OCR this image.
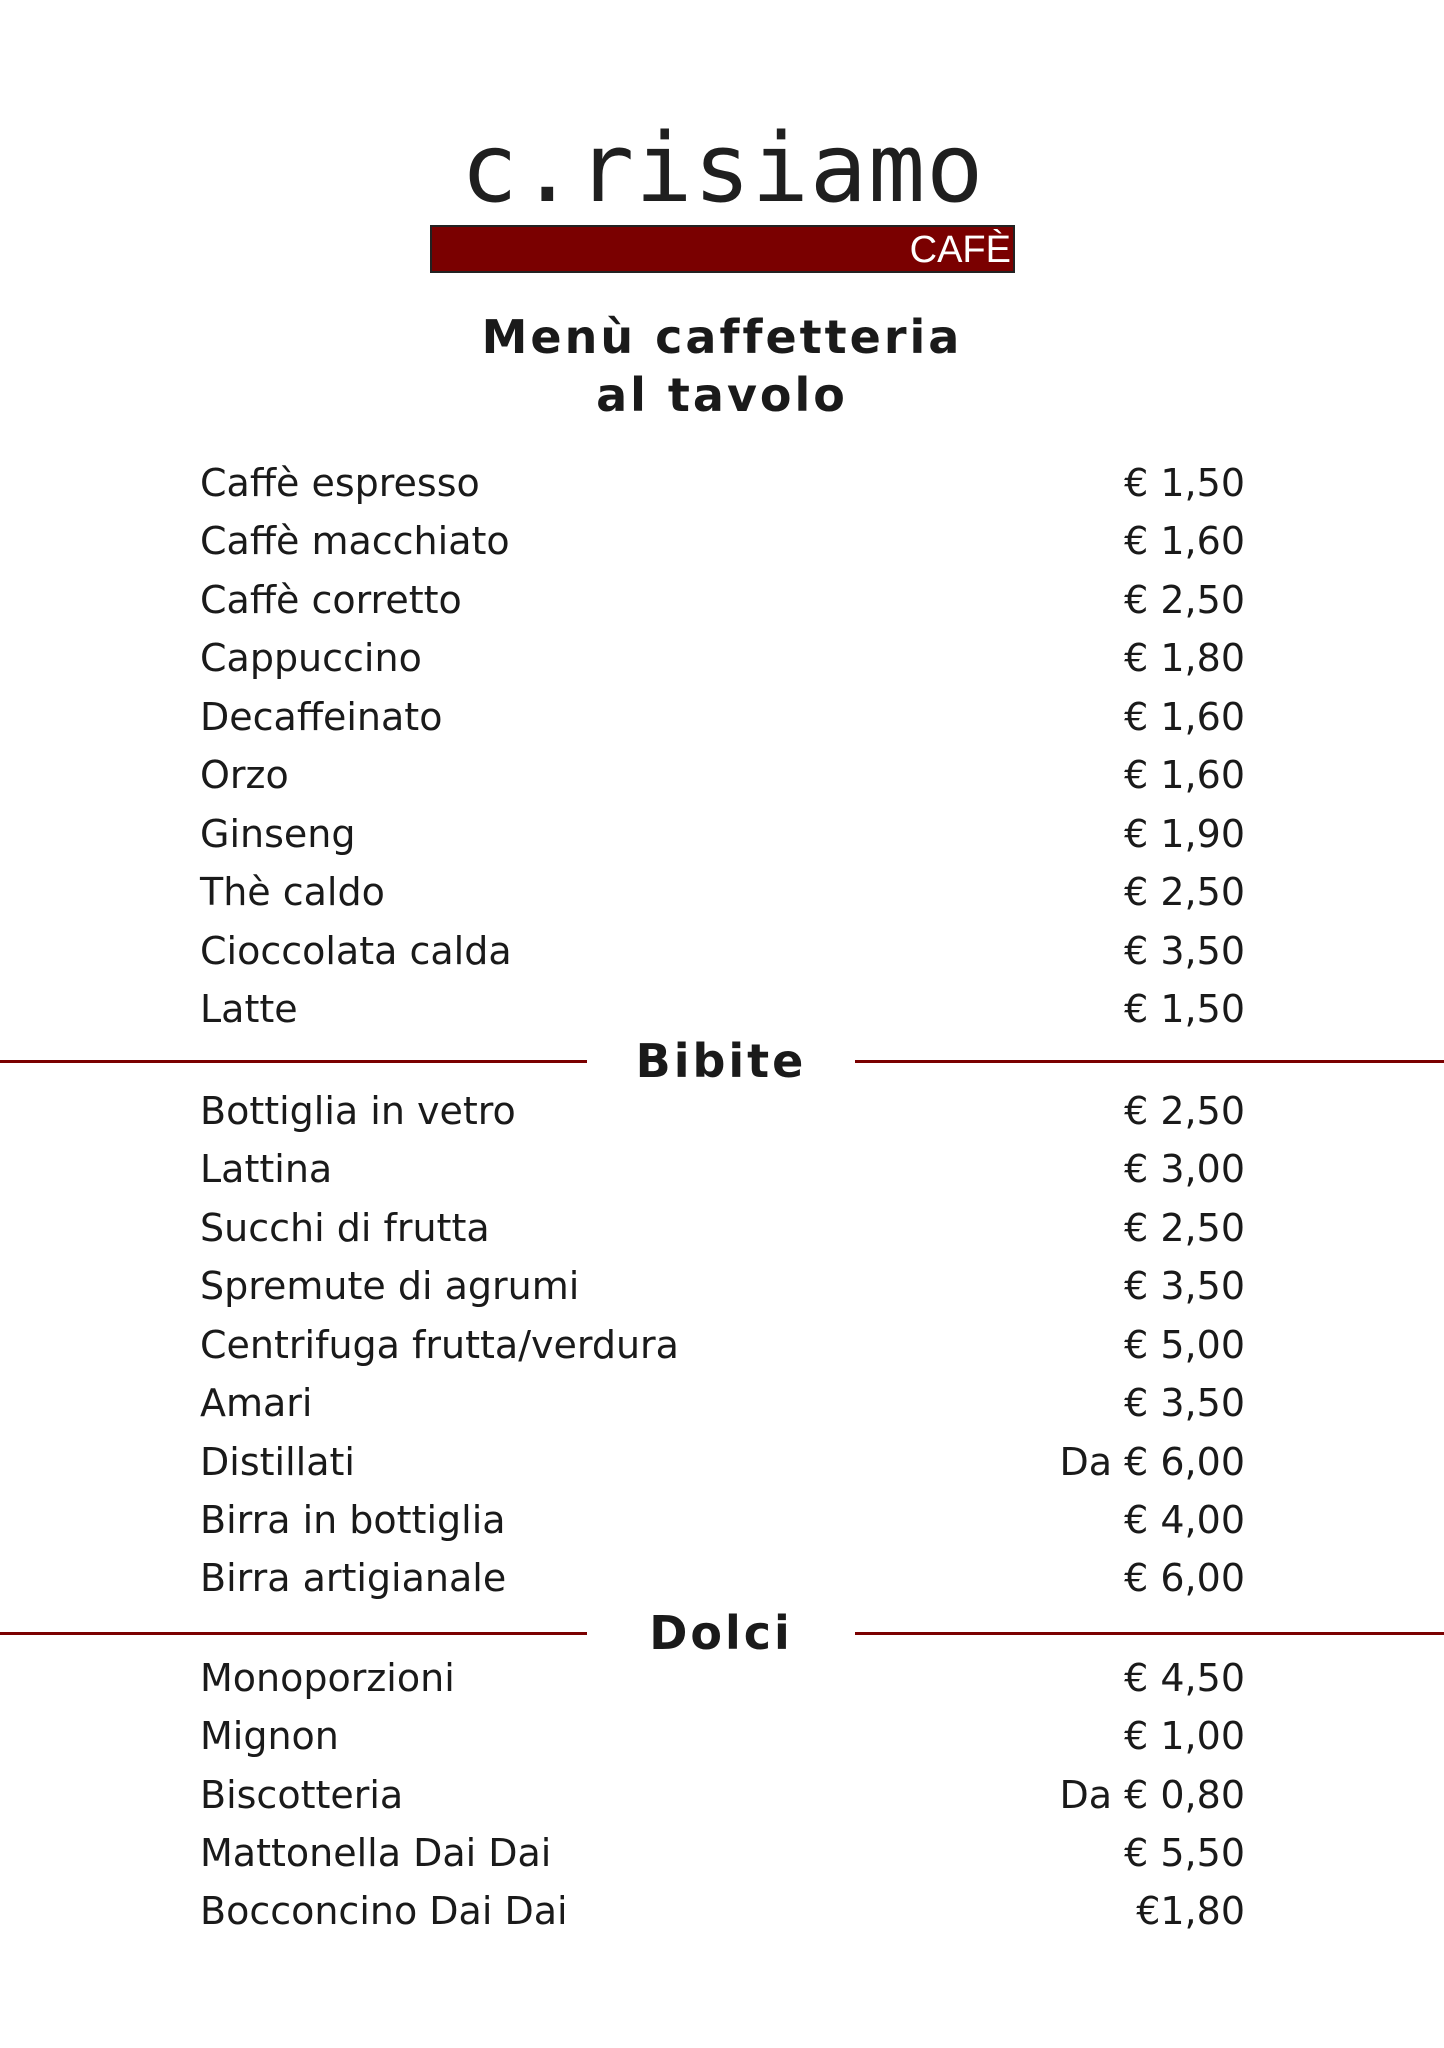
c.risiamo
CAFÈ
Menù caffetteria
al tavolo
Caffè espresso	€ 1,50
Caffè macchiato	€ 1,60
Caffè corretto	€ 2,50
Cappuccino	€ 1,80
Decaffeinato	€ 1,60
Orzo	€ 1,60
Ginseng	€ 1,90
Thè caldo	€ 2,50
Cioccolata calda	€ 3,50
Latte	€ 1,50
Bibite
Bottiglia in vetro	€ 2,50
Lattina	€ 3,00
Succhi di frutta	€ 2,50
Spremute di agrumi	€ 3,50
Centrifuga frutta/verdura	€ 5,00
Amari	€ 3,50
Distillati	Da € 6,00
Birra in bottiglia	€ 4,00
Birra artigianale	€ 6,00
Dolci
Monoporzioni	€ 4,50
Mignon	€ 1,00
Biscotteria	Da € 0,80
Mattonella Dai Dai	€ 5,50
Bocconcino Dai Dai	€1,80
